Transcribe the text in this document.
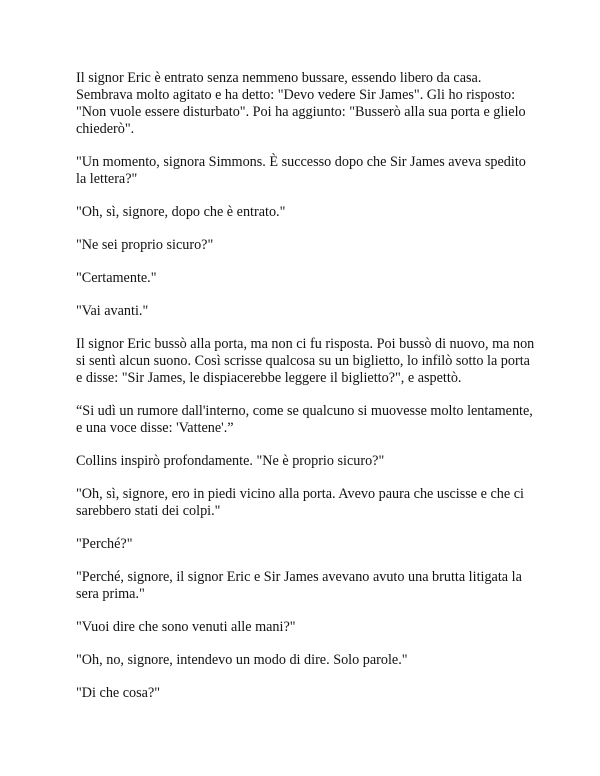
Il signor Eric è entrato senza nemmeno bussare, essendo libero da casa. Sembrava molto agitato e ha detto: "Devo vedere Sir James". Gli ho risposto: "Non vuole essere disturbato". Poi ha aggiunto: "Busserò alla sua porta e glielo chiederò".

"Un momento, signora Simmons. È successo dopo che Sir James aveva spedito la lettera?"

"Oh, sì, signore, dopo che è entrato."

"Ne sei proprio sicuro?"

"Certamente."

"Vai avanti."

Il signor Eric bussò alla porta, ma non ci fu risposta. Poi bussò di nuovo, ma non si sentì alcun suono. Così scrisse qualcosa su un biglietto, lo infilò sotto la porta e disse: "Sir James, le dispiacerebbe leggere il biglietto?", e aspettò.

“Si udì un rumore dall'interno, come se qualcuno si muovesse molto lentamente, e una voce disse: 'Vattene'.”

Collins inspirò profondamente. "Ne è proprio sicuro?"

"Oh, sì, signore, ero in piedi vicino alla porta. Avevo paura che uscisse e che ci sarebbero stati dei colpi."

"Perché?"

"Perché, signore, il signor Eric e Sir James avevano avuto una brutta litigata la sera prima."

"Vuoi dire che sono venuti alle mani?"

"Oh, no, signore, intendevo un modo di dire. Solo parole."

"Di che cosa?"
